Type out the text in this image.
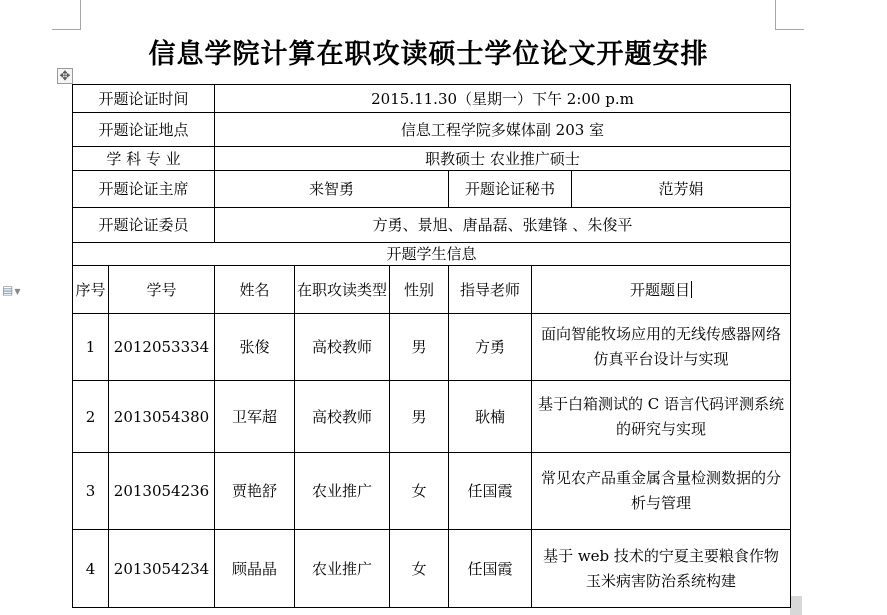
信息学院计算在职攻读硕士学位论文开题安排
✥
▤▼
开题论证时间		2015.11.30（星期一）下午 2:00 p.m					
开题论证地点		信息工程学院多媒体副 203 室					
学 科 专 业		职教硕士 农业推广硕士					
开题论证主席		来智勇			开题论证秘书		范芳娟
开题论证委员		方勇、景旭、唐晶磊、张建锋 、朱俊平					
开题学生信息							
序号	学号	姓名	在职攻读类型	性别	指导老师	开题题目	
1	2012053334	张俊	高校教师	男	方勇	面向智能牧场应用的无线传感器网络仿真平台设计与实现	
2	2013054380	卫军超	高校教师	男	耿楠	基于白箱测试的 C 语言代码评测系统的研究与实现	
3	2013054236	贾艳舒	农业推广	女	任国霞	常见农产品重金属含量检测数据的分析与管理	
4	2013054234	顾晶晶	农业推广	女	任国霞	基于 web 技术的宁夏主要粮食作物玉米病害防治系统构建	
